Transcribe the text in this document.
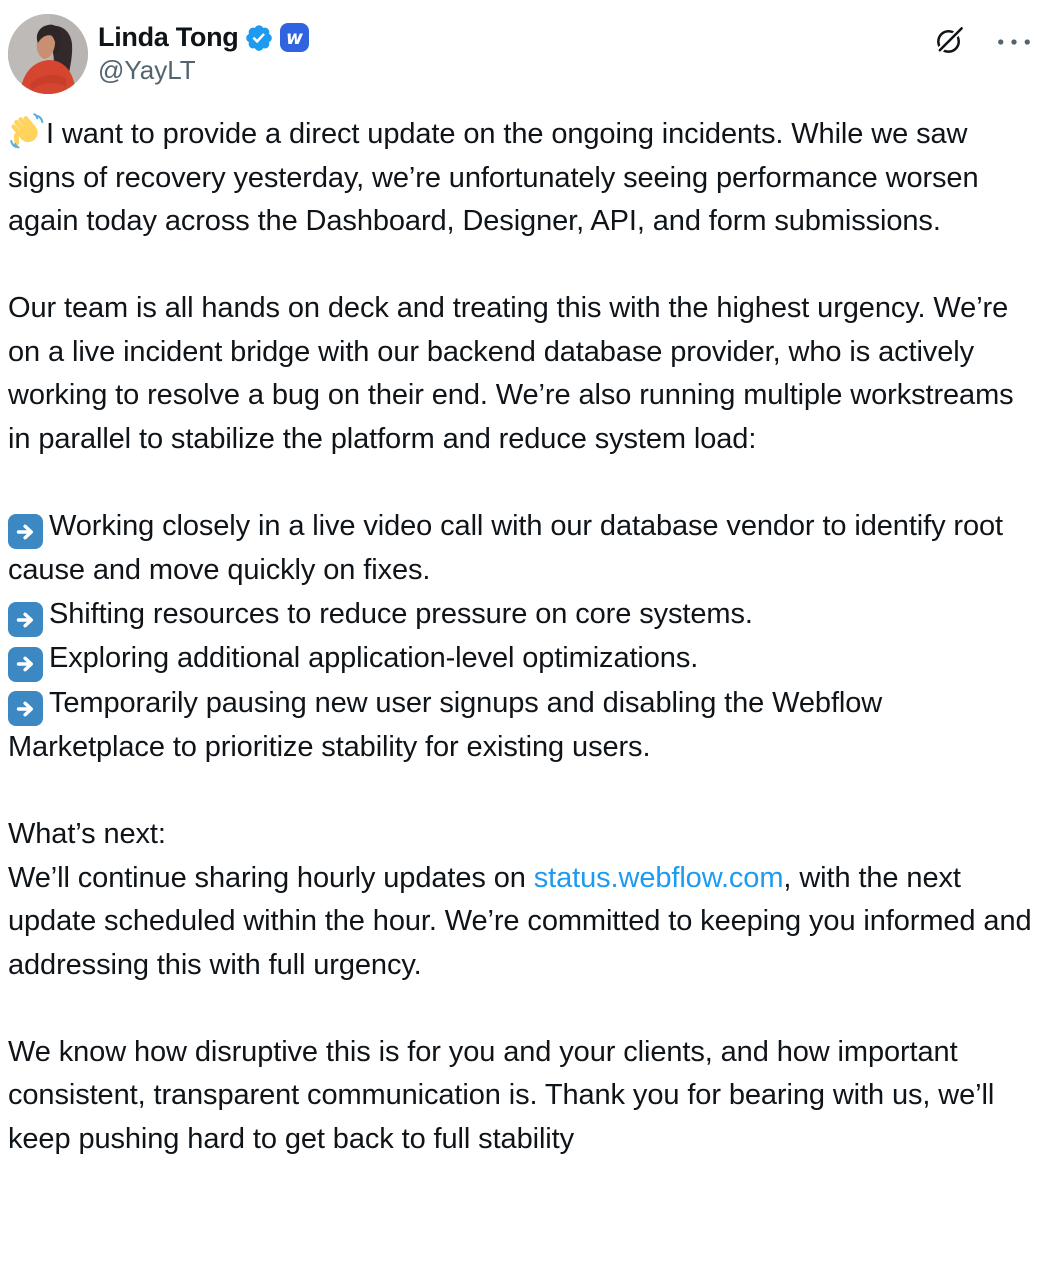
Linda Tong	w
@YayLT

I want to provide a direct update on the ongoing incidents. While we saw signs of recovery yesterday, we’re unfortunately seeing performance worsen again today across the Dashboard, Designer, API, and form submissions.

Our team is all hands on deck and treating this with the highest urgency. We’re on a live incident bridge with our backend database provider, who is actively working to resolve a bug on their end. We’re also running multiple workstreams in parallel to stabilize the platform and reduce system load:

Working closely in a live video call with our database vendor to identify root cause and move quickly on fixes.

Shifting resources to reduce pressure on core systems.

Exploring additional application-level optimizations.

Temporarily pausing new user signups and disabling the Webflow Marketplace to prioritize stability for existing users.

What’s next:
We’ll continue sharing hourly updates on status.webflow.com, with the next update scheduled within the hour. We’re committed to keeping you informed and addressing this with full urgency.

We know how disruptive this is for you and your clients, and how important consistent, transparent communication is. Thank you for bearing with us, we’ll keep pushing hard to get back to full stability
